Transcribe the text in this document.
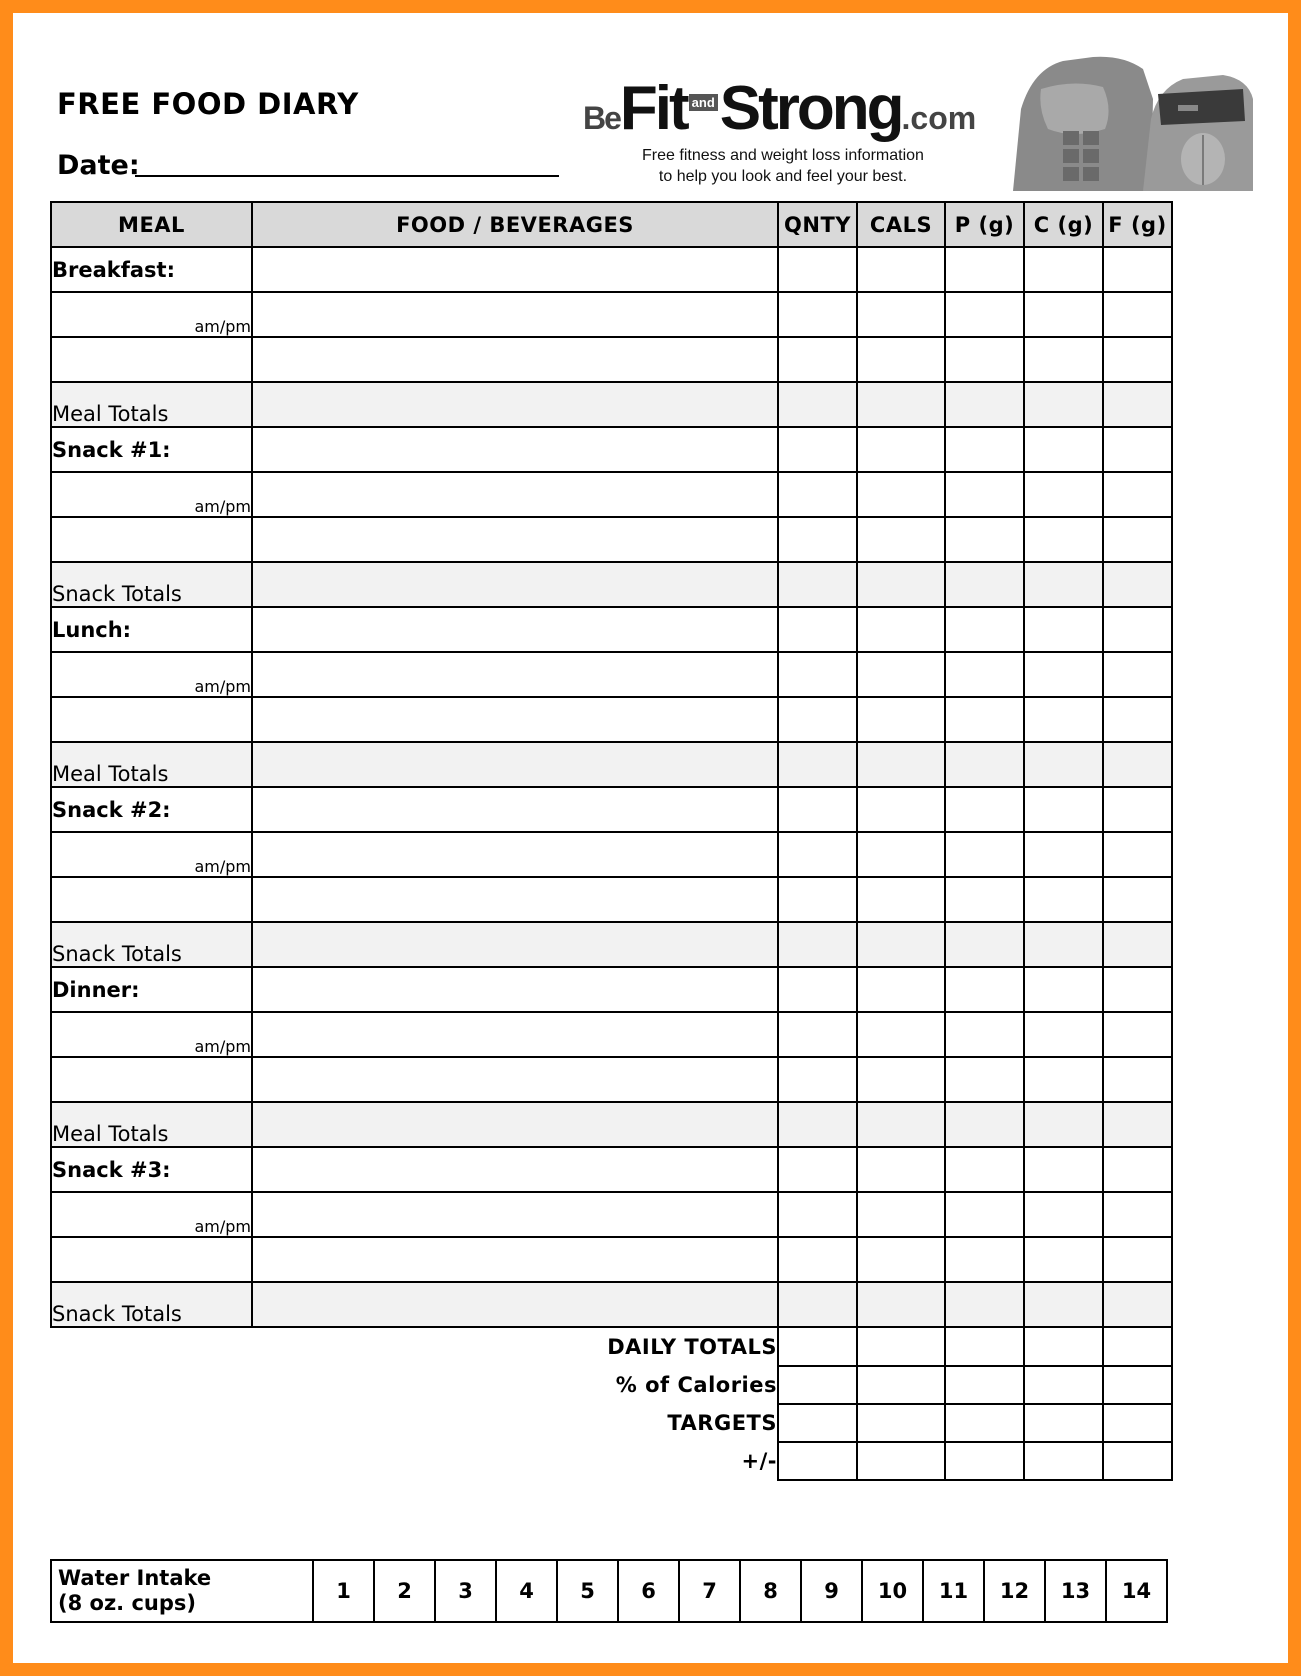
FREE FOOD DIARY
Date:
BeFit andStrong.com
Free fitness and weight loss information
to help you look and feel your best.
MEAL	FOOD / BEVERAGES	QNTY	CALS	P (g)	C (g)	F (g)
Breakfast:						
am/pm						

Meal Totals						
Snack #1:						
am/pm						

Snack Totals						
Lunch:						
am/pm						

Meal Totals						
Snack #2:						
am/pm						

Snack Totals						
Dinner:						
am/pm						

Meal Totals						
Snack #3:						
am/pm						

Snack Totals						
DAILY TOTALS						
% of Calories						
TARGETS						
+/-						
Water Intake
(8 oz. cups)	1	2	3	4	5	6	7	8	9	10	11	12	13	14
